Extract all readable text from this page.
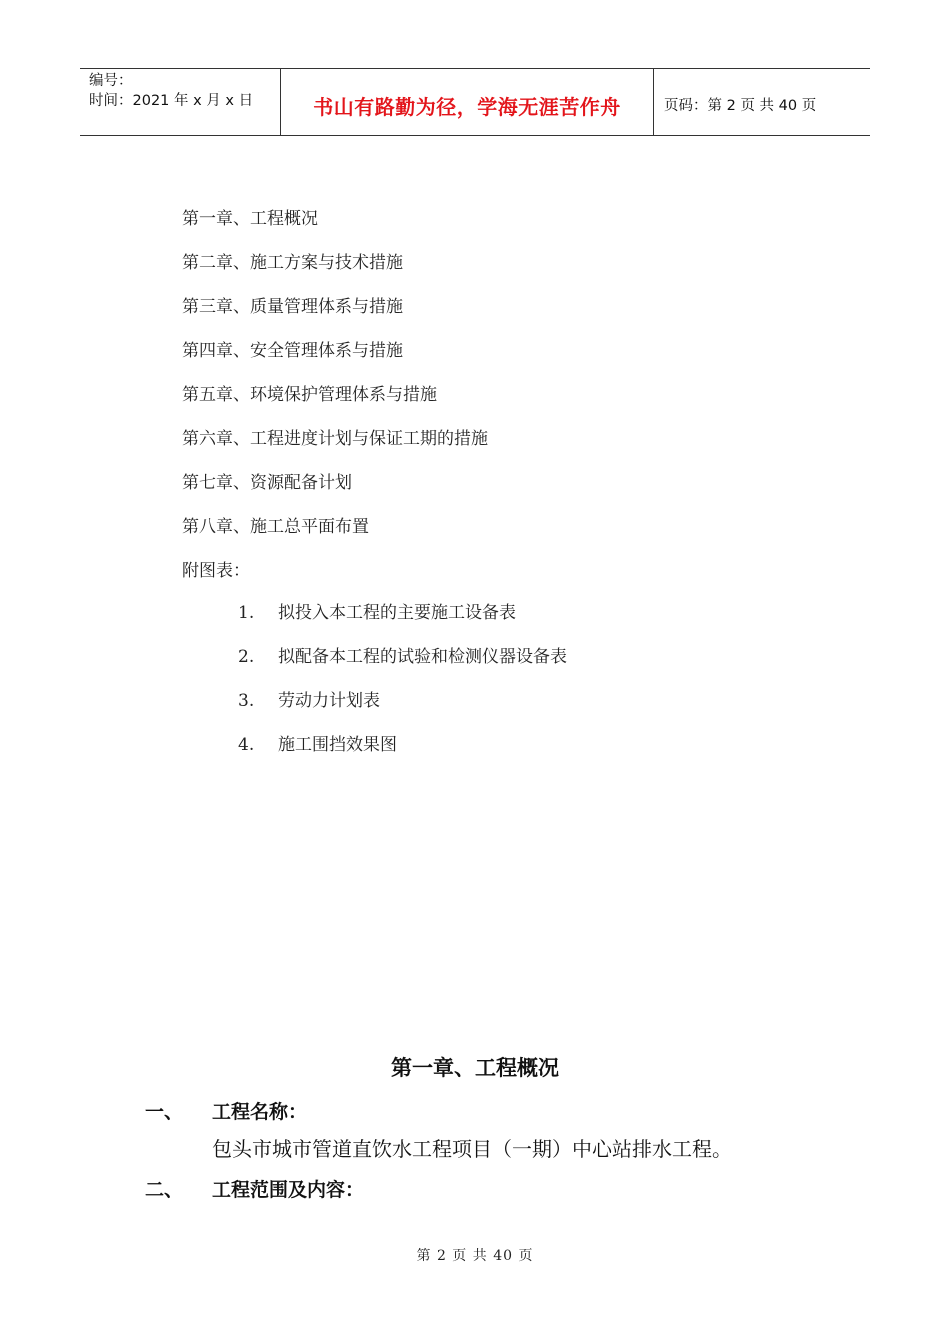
编号：
时间：2021 年 x 月 x 日	书山有路勤为径，学海无涯苦作舟	页码：第 2 页 共 40 页
第一章、工程概况
第二章、施工方案与技术措施
第三章、质量管理体系与措施
第四章、安全管理体系与措施
第五章、环境保护管理体系与措施
第六章、工程进度计划与保证工期的措施
第七章、资源配备计划
第八章、施工总平面布置
附图表：
1.	拟投入本工程的主要施工设备表
2.	拟配备本工程的试验和检测仪器设备表
3.	劳动力计划表
4.	施工围挡效果图
第一章、工程概况
一、	工程名称：
包头市城市管道直饮水工程项目（一期）中心站排水工程。
二、	工程范围及内容：
第 2 页 共 40 页
